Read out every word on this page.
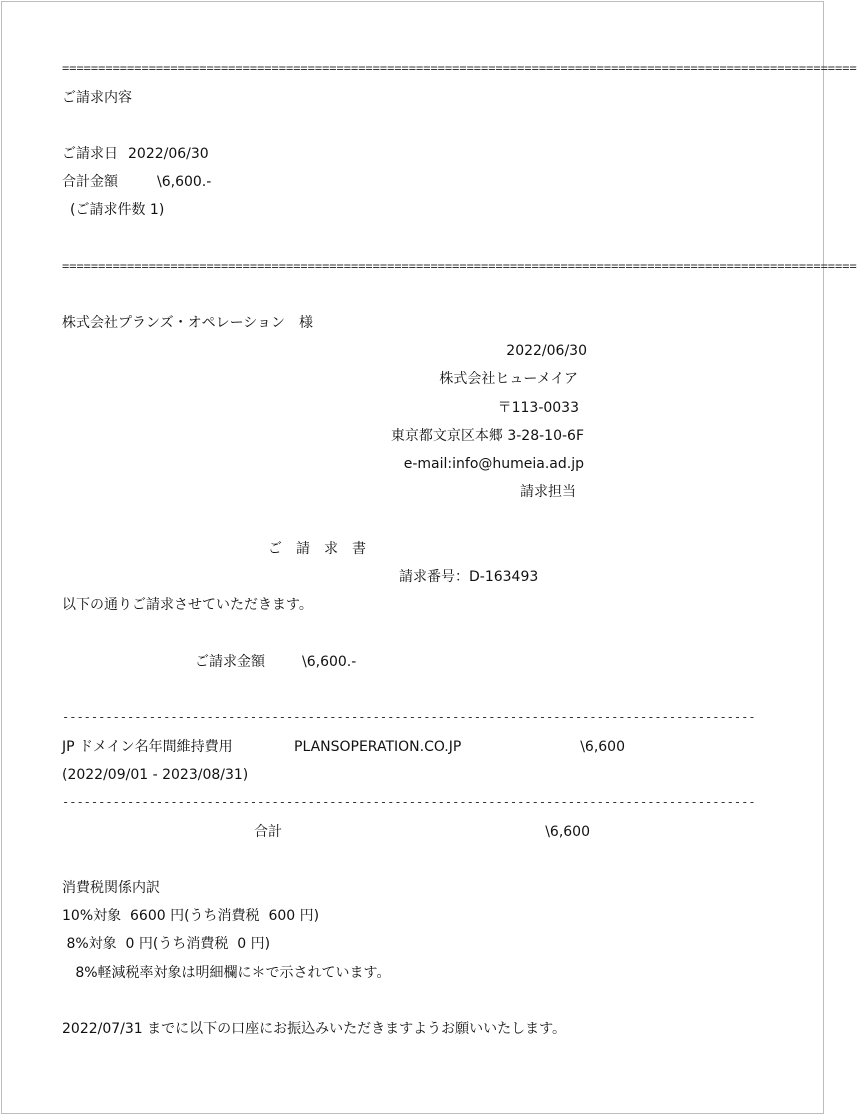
==============================================================================================================
ご請求内容
ご請求日 2022/06/30
合計金額	\6,600.-
(ご請求件数 1)
==============================================================================================================
株式会社プランズ・オペレーション　様
2022/06/30
株式会社ヒューメイア
〒113-0033
東京都文京区本郷 3-28-10-6F
e-mail:info@humeia.ad.jp
請求担当
ご　請　求　書
請求番号：D-163493
以下の通りご請求させていただきます。
ご請求金額	\6,600.-
------------------------------------------------------------------------------------------------
JP ドメイン名年間維持費用	PLANSOPERATION.CO.JP	\6,600
(2022/09/01 - 2023/08/31)
------------------------------------------------------------------------------------------------
合計	\6,600
消費税関係内訳
10%対象  6600 円(うち消費税  600 円)
8%対象  0 円(うち消費税  0 円)
8%軽減税率対象は明細欄に＊で示されています。
2022/07/31 までに以下の口座にお振込みいただきますようお願いいたします。
